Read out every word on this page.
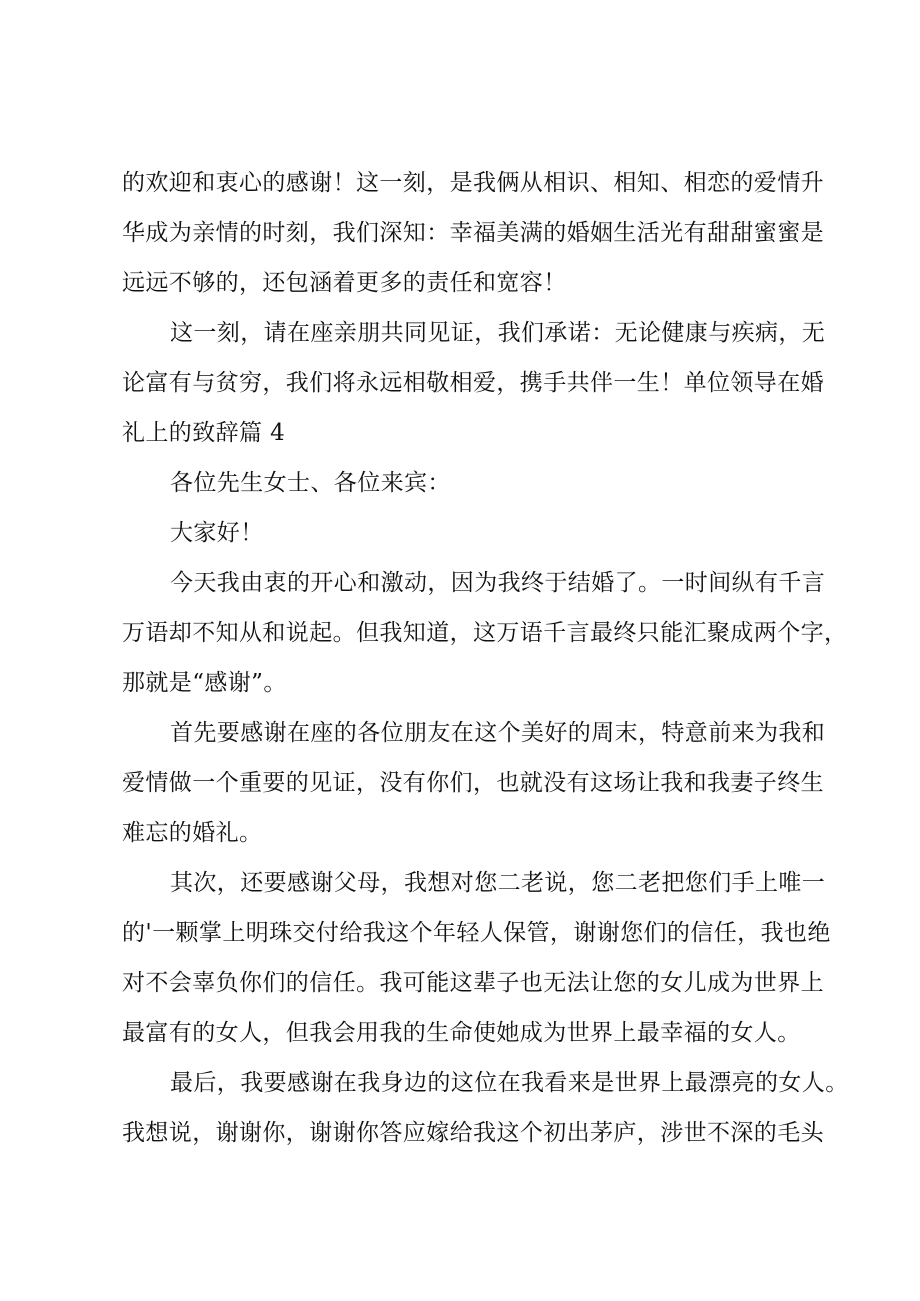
的欢迎和衷心的感谢！这一刻，是我俩从相识、相知、相恋的爱情升
华成为亲情的时刻，我们深知：幸福美满的婚姻生活光有甜甜蜜蜜是
远远不够的，还包涵着更多的责任和宽容！
这一刻，请在座亲朋共同见证，我们承诺：无论健康与疾病，无
论富有与贫穷，我们将永远相敬相爱，携手共伴一生！单位领导在婚
礼上的致辞篇 4
各位先生女士、各位来宾：
大家好！
今天我由衷的开心和激动，因为我终于结婚了。一时间纵有千言
万语却不知从和说起。但我知道，这万语千言最终只能汇聚成两个字，
那就是“感谢”。
首先要感谢在座的各位朋友在这个美好的周末，特意前来为我和
爱情做一个重要的见证，没有你们，也就没有这场让我和我妻子终生
难忘的婚礼。
其次，还要感谢父母，我想对您二老说，您二老把您们手上唯一
的'一颗掌上明珠交付给我这个年轻人保管，谢谢您们的信任，我也绝
对不会辜负你们的信任。我可能这辈子也无法让您的女儿成为世界上
最富有的女人，但我会用我的生命使她成为世界上最幸福的女人。
最后，我要感谢在我身边的这位在我看来是世界上最漂亮的女人。
我想说，谢谢你，谢谢你答应嫁给我这个初出茅庐，涉世不深的毛头
